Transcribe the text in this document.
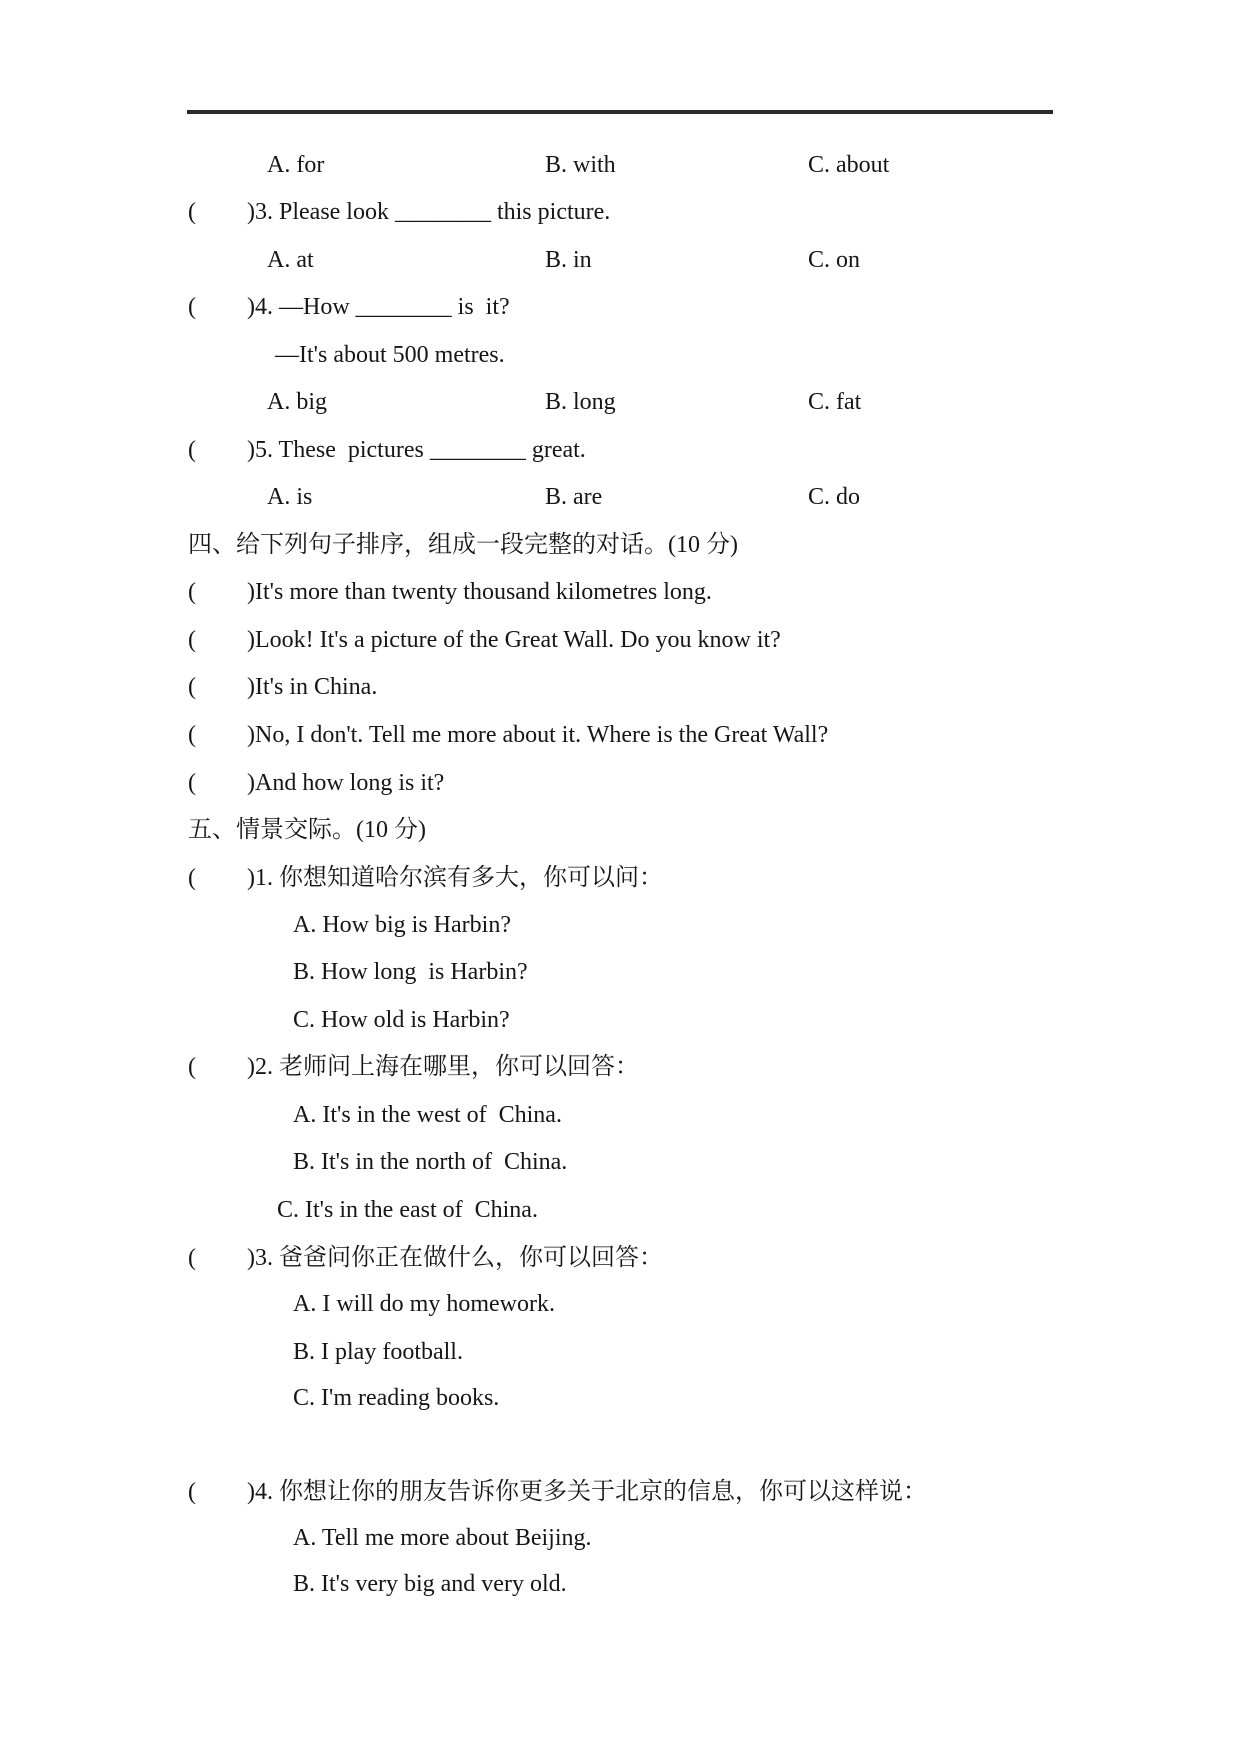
A. for	B. with	C. about
( )3. Please look ________ this picture.
A. at	B. in	C. on
( )4. —How ________ is  it?
—It's about 500 metres.
A. big	B. long	C. fat
( )5. These  pictures ________ great.
A. is	B. are	C. do
四、给下列句子排序，组成一段完整的对话。(10 分)
( )It's more than twenty thousand kilometres long.
( )Look! It's a picture of the Great Wall. Do you know it?
( )It's in China.
( )No, I don't. Tell me more about it. Where is the Great Wall?
( )And how long is it?
五、情景交际。(10 分)
( )1. 你想知道哈尔滨有多大，你可以问：
A. How big is Harbin?
B. How long  is Harbin?
C. How old is Harbin?
( )2. 老师问上海在哪里，你可以回答：
A. It's in the west of  China.
B. It's in the north of  China.
C. It's in the east of  China.
( )3. 爸爸问你正在做什么，你可以回答：
A. I will do my homework.
B. I play football.
C. I'm reading books.
( )4. 你想让你的朋友告诉你更多关于北京的信息，你可以这样说：
A. Tell me more about Beijing.
B. It's very big and very old.
